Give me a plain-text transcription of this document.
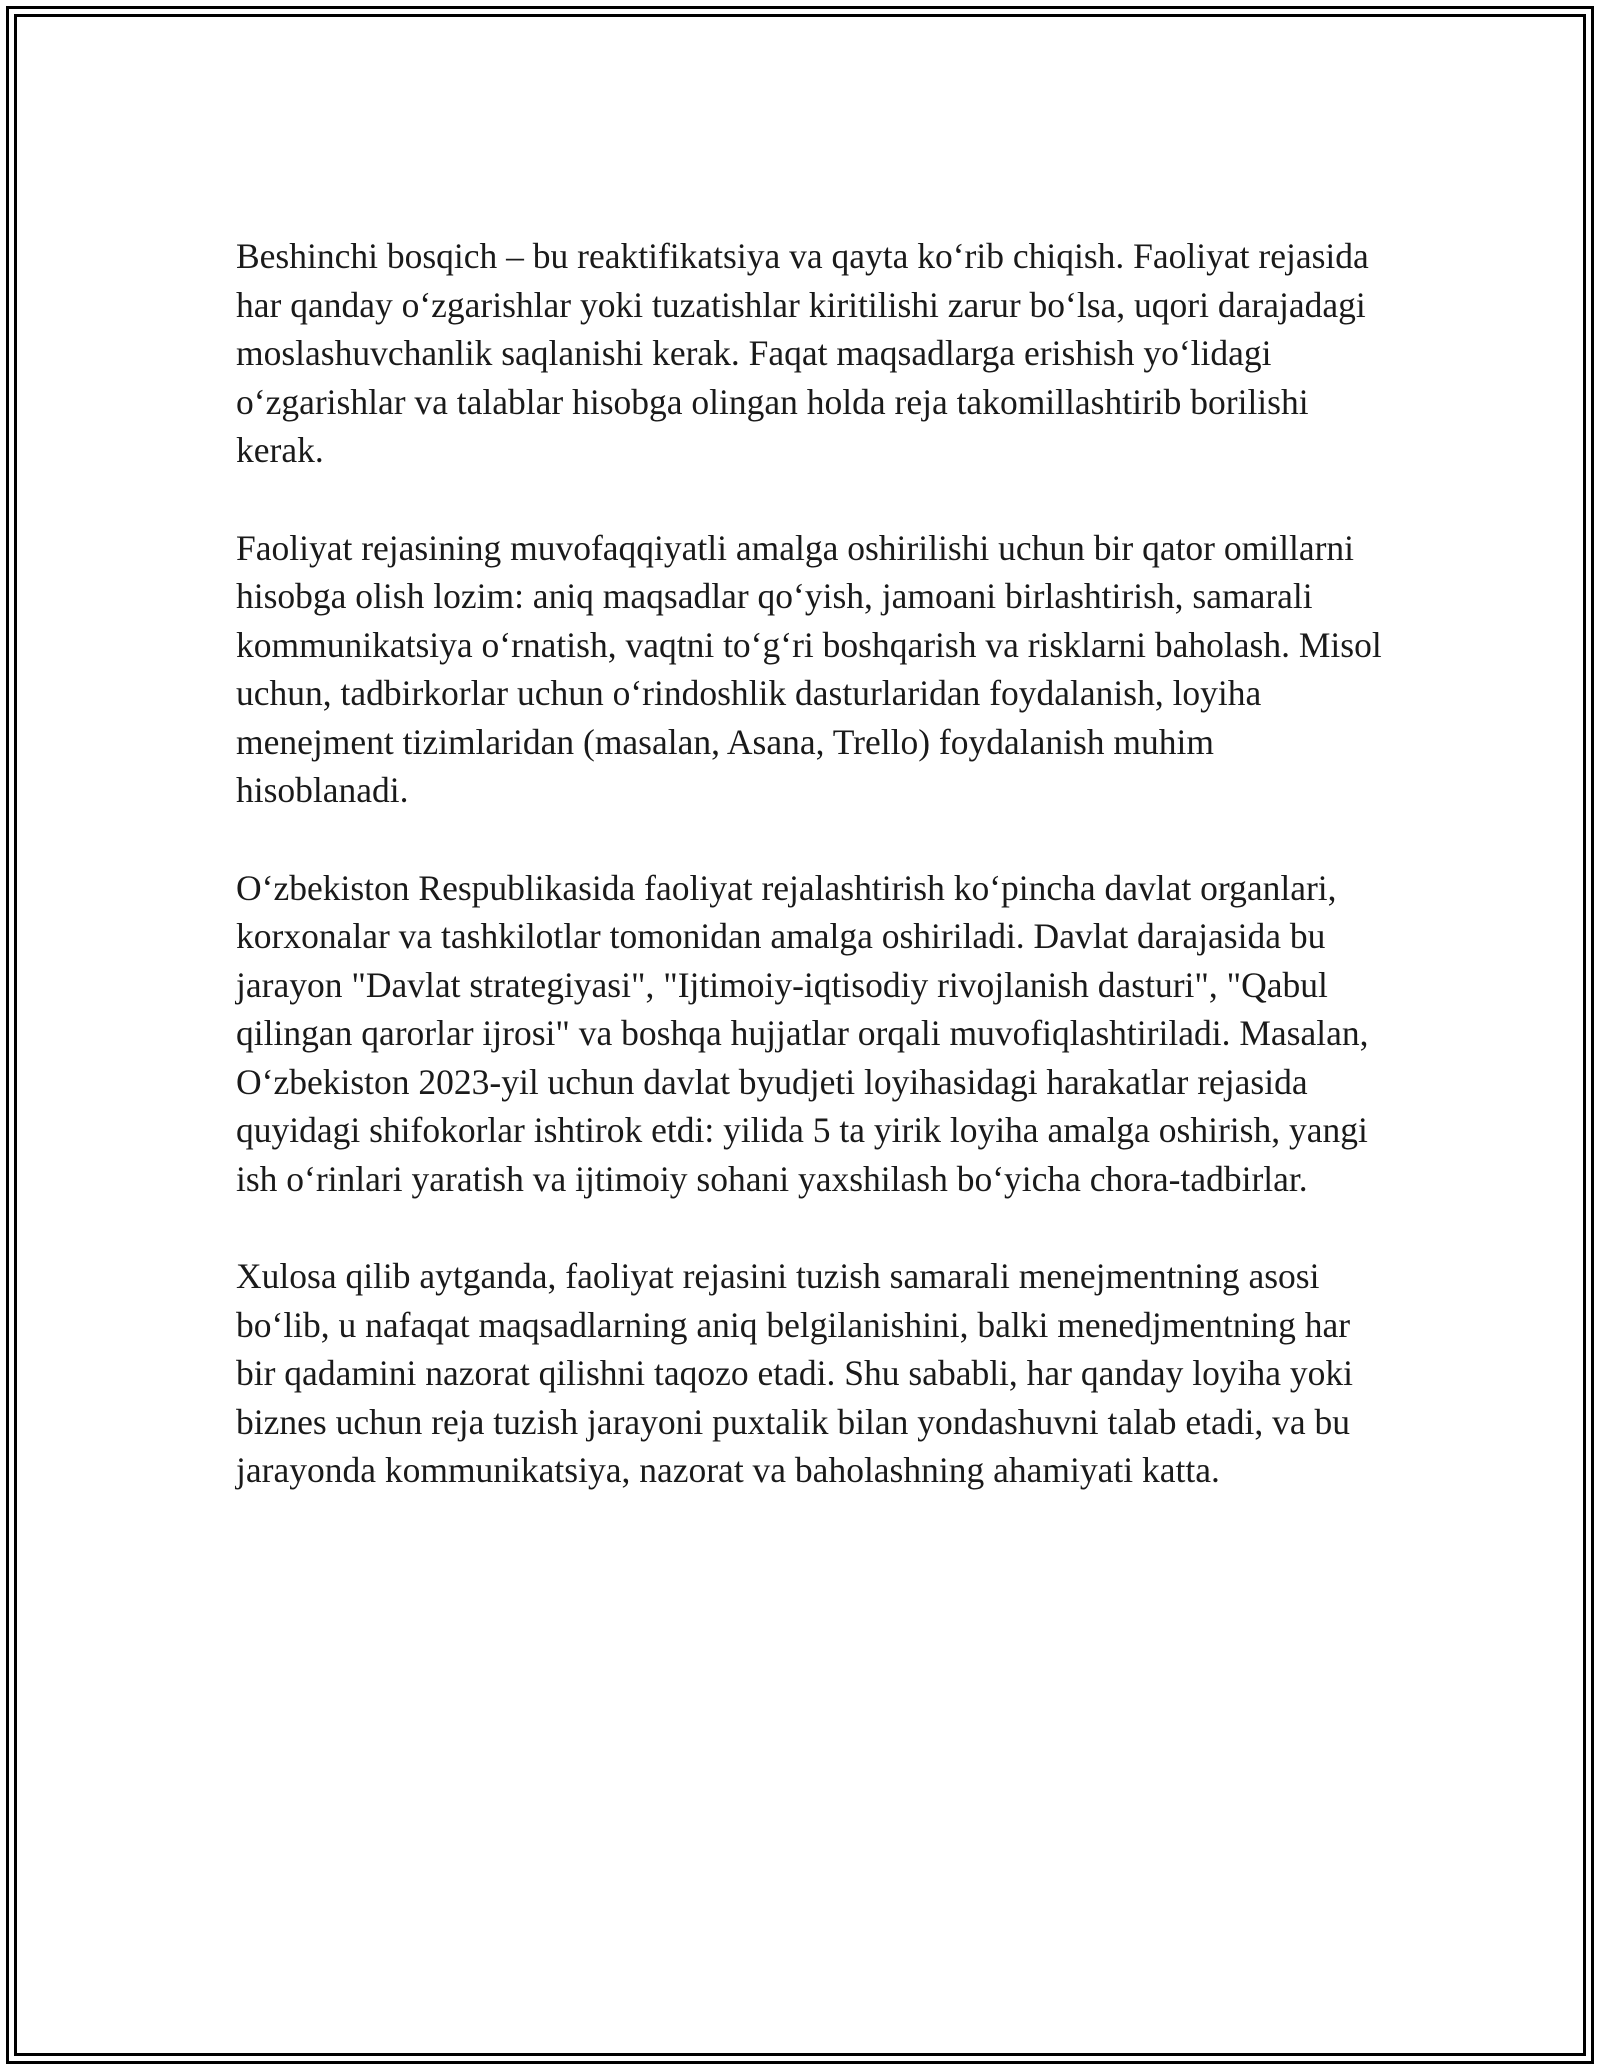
Beshinchi bosqich – bu reaktifikatsiya va qayta ko‘rib chiqish. Faoliyat rejasida har qanday o‘zgarishlar yoki tuzatishlar kiritilishi zarur bo‘lsa, uqori darajadagi moslashuvchanlik saqlanishi kerak. Faqat maqsadlarga erishish yo‘lidagi o‘zgarishlar va talablar hisobga olingan holda reja takomillashtirib borilishi kerak.

Faoliyat rejasining muvofaqqiyatli amalga oshirilishi uchun bir qator omillarni hisobga olish lozim: aniq maqsadlar qo‘yish, jamoani birlashtirish, samarali kommunikatsiya o‘rnatish, vaqtni to‘g‘ri boshqarish va risklarni baholash. Misol uchun, tadbirkorlar uchun o‘rindoshlik dasturlaridan foydalanish, loyiha menejment tizimlaridan (masalan, Asana, Trello) foydalanish muhim hisoblanadi.

O‘zbekiston Respublikasida faoliyat rejalashtirish ko‘pincha davlat organlari, korxonalar va tashkilotlar tomonidan amalga oshiriladi. Davlat darajasida bu jarayon "Davlat strategiyasi", "Ijtimoiy-iqtisodiy rivojlanish dasturi", "Qabul qilingan qarorlar ijrosi" va boshqa hujjatlar orqali muvofiqlashtiriladi. Masalan, O‘zbekiston 2023-yil uchun davlat byudjeti loyihasidagi harakatlar rejasida quyidagi shifokorlar ishtirok etdi: yilida 5 ta yirik loyiha amalga oshirish, yangi ish o‘rinlari yaratish va ijtimoiy sohani yaxshilash bo‘yicha chora-tadbirlar.

Xulosa qilib aytganda, faoliyat rejasini tuzish samarali menejmentning asosi bo‘lib, u nafaqat maqsadlarning aniq belgilanishini, balki menedjmentning har bir qadamini nazorat qilishni taqozo etadi. Shu sababli, har qanday loyiha yoki biznes uchun reja tuzish jarayoni puxtalik bilan yondashuvni talab etadi, va bu jarayonda kommunikatsiya, nazorat va baholashning ahamiyati katta.
